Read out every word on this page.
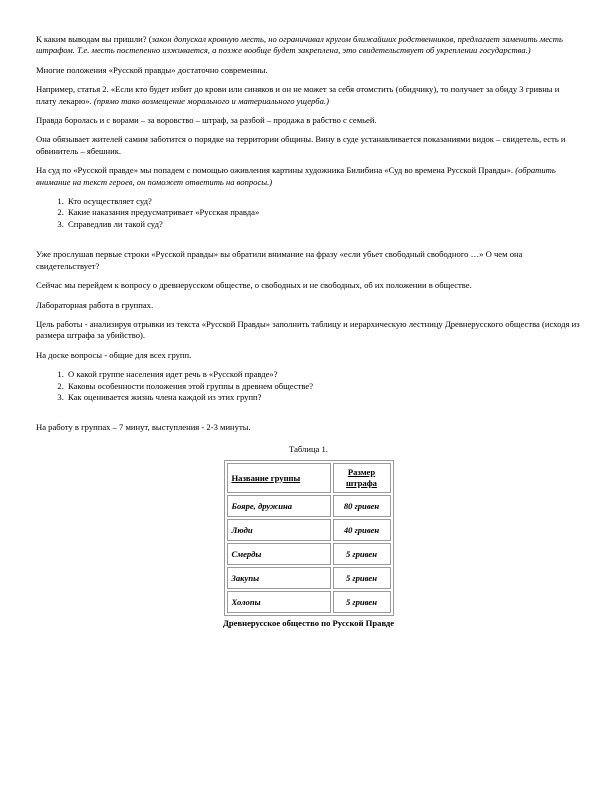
К каким выводам вы пришли? (закон допускал кровную месть, но ограничивал кругом ближайших родственников, предлагает заменить месть штрафом. Т.е. месть постепенно изживается, а позже вообще будет закреплена, это свидетельствует об укреплении государства.)

Многие положения «Русской правды» достаточно современны.

Например, статья 2. «Если кто будет избит до крови или синяков и он не может за себя отомстить (обидчику), то получает за обиду 3 гривны и плату лекарю». (прямо тако возмещение морального и материального ущерба.)

Правда боролась и с ворами – за воровство – штраф, за разбой – продажа в рабство с семьей.

Она обязывает жителей самим заботится о порядке на территории общины. Вину в суде устанавливается показаниями видок – свидетель, есть и обвинитель – ябешник.

На суд по «Русской правде» мы попадем с помощью оживления картины художника Билибина «Суд во времена Русской Правды». (обратить внимание на текст героев, он поможет ответить на вопросы.)

1. Кто осуществляет суд?
2. Какие наказания предусматривает «Русская правда»
3. Справедлив ли такой суд?

Уже прослушав первые строки «Русской правды» вы обратили внимание на фразу «если убьет свободный свободного …» О чем она свидетельствует?

Сейчас мы перейдем к вопросу о древнерусском обществе, о свободных и не свободных, об их положении в обществе.

Лабораторная работа в группах.

Цель работы - анализируя отрывки из текста «Русской Правды» заполнить таблицу и иерархическую лестницу Древнерусского общества (исходя из размера штрафа за убийство).

На доске вопросы - общие для всех групп.

1. О какой группе населения идет речь в «Русской правде»?
2. Каковы особенности положения этой группы в древнем обществе?
3. Как оценивается жизнь члена каждой из этих групп?

На работу в группах – 7 минут, выступления - 2-3 минуты.

Таблица 1.
Название группы	Размер штрафа
Бояре, дружина	80 гривен
Люди	40 гривен
Смерды	5 гривен
Закупы	5 гривен
Холопы	5 гривен
Древнерусское общество по Русской Правде
